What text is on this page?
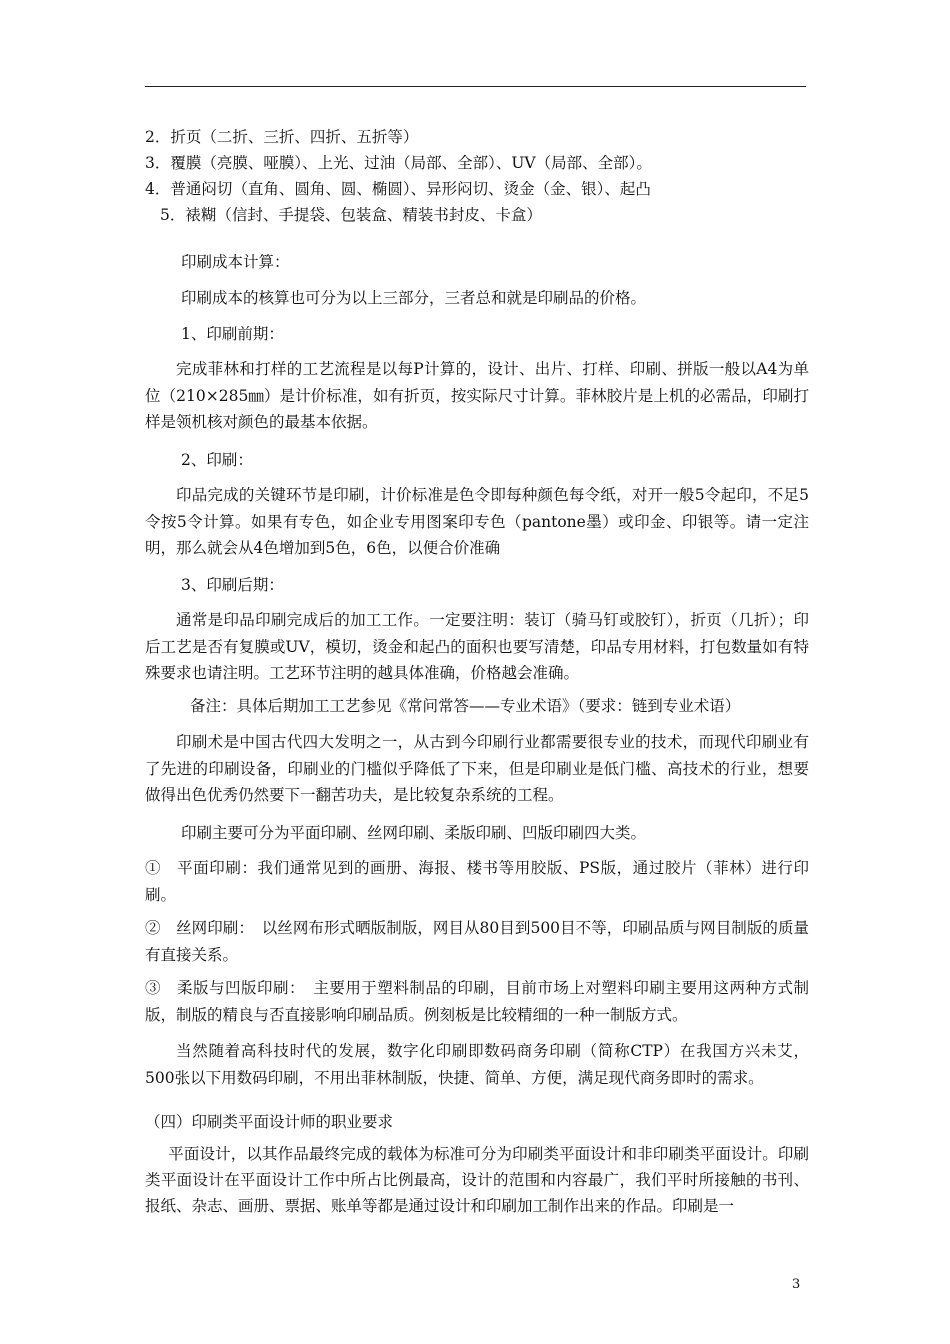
2．折页（二折、三折、四折、五折等）
3．覆膜（亮膜、哑膜）、上光、过油（局部、全部）、UV（局部、全部）。
4．普通闷切（直角、圆角、圆、椭圆）、异形闷切、烫金（金、银）、起凸
5．裱糊（信封、手提袋、包装盒、精装书封皮、卡盒）
印刷成本计算：
印刷成本的核算也可分为以上三部分，三者总和就是印刷品的价格。
1、印刷前期：
完成菲林和打样的工艺流程是以每P计算的，设计、出片、打样、印刷、拼版一般以A4为单位（210×285㎜）是计价标准，如有折页，按实际尺寸计算。菲林胶片是上机的必需品，印刷打样是领机核对颜色的最基本依据。
2、印刷：
印品完成的关键环节是印刷，计价标准是色令即每种颜色每令纸，对开一般5令起印，不足5令按5令计算。如果有专色，如企业专用图案印专色（pantone墨）或印金、印银等。请一定注明，那么就会从4色增加到5色，6色，以便合价准确
3、印刷后期：
通常是印品印刷完成后的加工工作。一定要注明：装订（骑马钉或胶钉），折页（几折）；印后工艺是否有复膜或UV，模切，烫金和起凸的面积也要写清楚，印品专用材料，打包数量如有特殊要求也请注明。工艺环节注明的越具体准确，价格越会准确。
备注：具体后期加工工艺参见《常问常答——专业术语》（要求：链到专业术语）
印刷术是中国古代四大发明之一，从古到今印刷行业都需要很专业的技术，而现代印刷业有了先进的印刷设备，印刷业的门槛似乎降低了下来，但是印刷业是低门槛、高技术的行业，想要做得出色优秀仍然要下一翻苦功夫，是比较复杂系统的工程。
印刷主要可分为平面印刷、丝网印刷、柔版印刷、凹版印刷四大类。
①　平面印刷：我们通常见到的画册、海报、楼书等用胶版、PS版，通过胶片（菲林）进行印刷。
②　丝网印刷：　以丝网布形式晒版制版，网目从80目到500目不等，印刷品质与网目制版的质量有直接关系。
③　柔版与凹版印刷：　主要用于塑料制品的印刷，目前市场上对塑料印刷主要用这两种方式制版，制版的精良与否直接影响印刷品质。例刻板是比较精细的一种一制版方式。
当然随着高科技时代的发展，数字化印刷即数码商务印刷（简称CTP）在我国方兴未艾，500张以下用数码印刷，不用出菲林制版，快捷、简单、方便，满足现代商务即时的需求。
（四）印刷类平面设计师的职业要求
平面设计，以其作品最终完成的载体为标准可分为印刷类平面设计和非印刷类平面设计。印刷类平面设计在平面设计工作中所占比例最高，设计的范围和内容最广，我们平时所接触的书刊、报纸、杂志、画册、票据、账单等都是通过设计和印刷加工制作出来的作品。印刷是一
3
